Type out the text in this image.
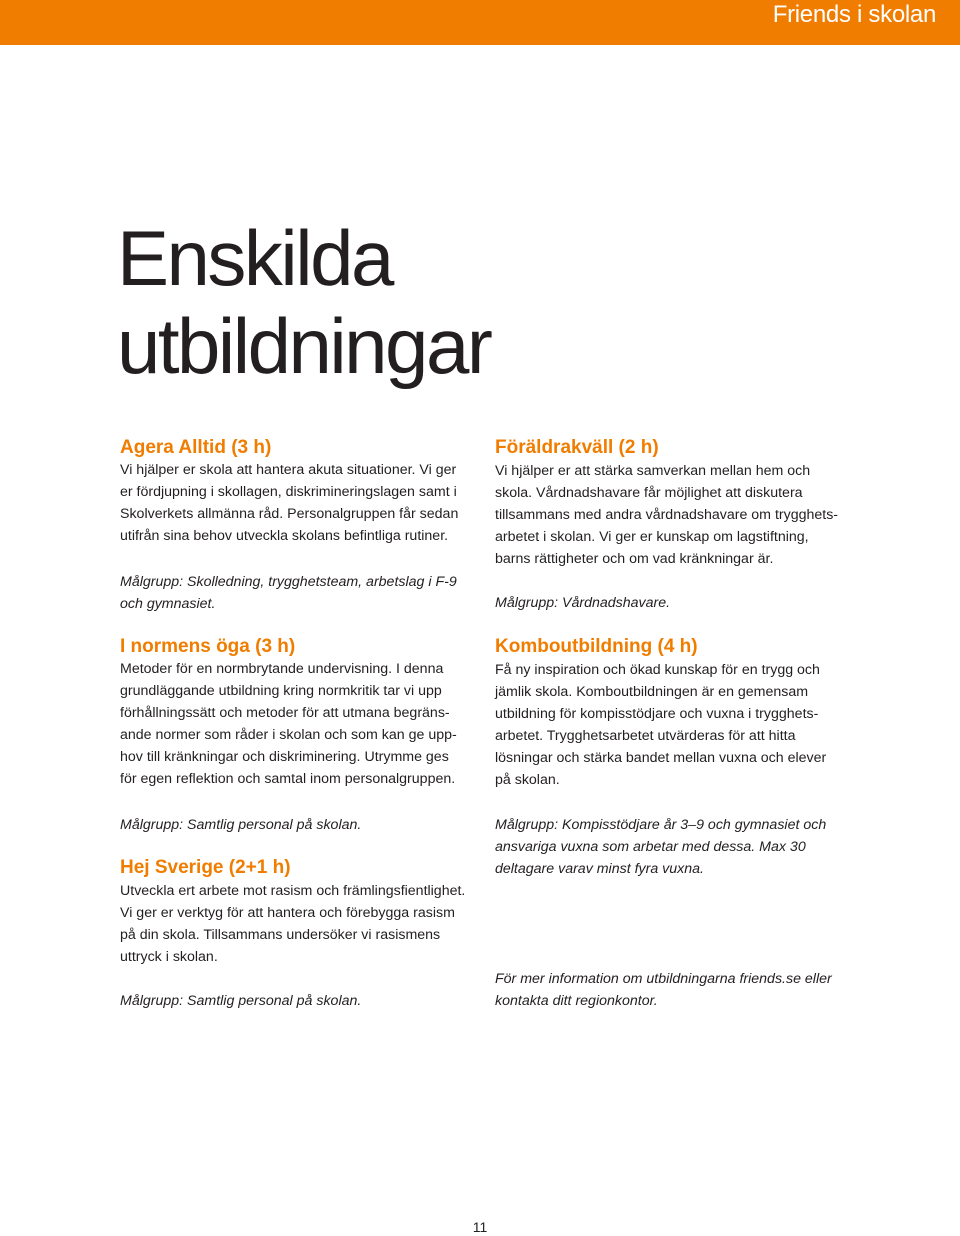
Friends i skolan
Enskilda
utbildningar
Agera Alltid (3 h)

Vi hjälper er skola att hantera akuta situationer. Vi ger
er fördjupning i skollagen, diskrimineringslagen samt i
Skolverkets allmänna råd. Personalgruppen får sedan
utifrån sina behov utveckla skolans befintliga rutiner.

Målgrupp: Skolledning, trygghetsteam, arbetslag i F-9
och gymnasiet.

I normens öga (3 h)

Metoder för en normbrytande undervisning. I denna
grundläggande utbildning kring normkritik tar vi upp
förhållningssätt och metoder för att utmana begräns-
ande normer som råder i skolan och som kan ge upp-
hov till kränkningar och diskriminering. Utrymme ges
för egen reflektion och samtal inom personalgruppen.

Målgrupp: Samtlig personal på skolan.

Hej Sverige (2+1 h)

Utveckla ert arbete mot rasism och främlingsfientlighet.
Vi ger er verktyg för att hantera och förebygga rasism
på din skola. Tillsammans undersöker vi rasismens
uttryck i skolan.

Målgrupp: Samtlig personal på skolan.

Föräldrakväll (2 h)

Vi hjälper er att stärka samverkan mellan hem och
skola. Vårdnadshavare får möjlighet att diskutera
tillsammans med andra vårdnadshavare om trygghets-
arbetet i skolan. Vi ger er kunskap om lagstiftning,
barns rättigheter och om vad kränkningar är.

Målgrupp: Vårdnadshavare.

Komboutbildning (4 h)

Få ny inspiration och ökad kunskap för en trygg och
jämlik skola. Komboutbildningen är en gemensam
utbildning för kompisstödjare och vuxna i trygghets-
arbetet. Trygghetsarbetet utvärderas för att hitta
lösningar och stärka bandet mellan vuxna och elever
på skolan.

Målgrupp: Kompisstödjare år 3–9 och gymnasiet och
ansvariga vuxna som arbetar med dessa. Max 30
deltagare varav minst fyra vuxna.

För mer information om utbildningarna friends.se eller
kontakta ditt regionkontor.

11
